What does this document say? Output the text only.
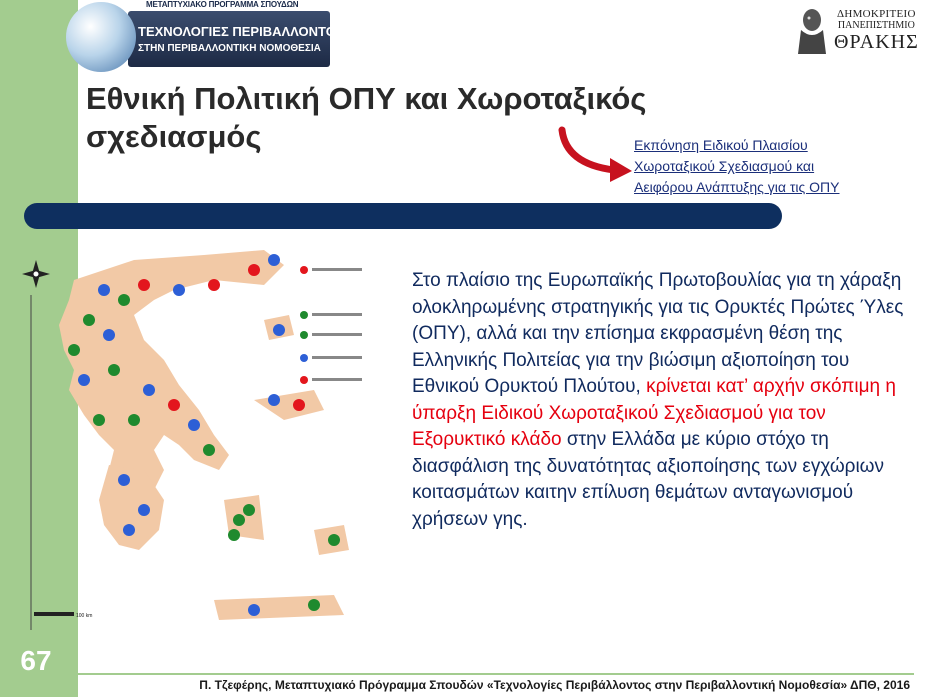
ΜΕΤΑΠΤΥΧΙΑΚΟ ΠΡΟΓΡΑΜΜΑ ΣΠΟΥΔΩΝ
ΤΕΧΝΟΛΟΓΙΕΣ ΠΕΡΙΒΑΛΛΟΝΤΟΣ
ΣΤΗΝ ΠΕΡΙΒΑΛΛΟΝΤΙΚΗ ΝΟΜΟΘΕΣΙΑ
ΔΗΜΟΚΡΙΤΕΙΟ
ΠΑΝΕΠΙΣΤΗΜΙΟ
ΘΡΑΚΗΣ
Εθνική Πολιτική ΟΠΥ και Χωροταξικός
σχεδιασμός	Εκπόνηση Ειδικού Πλαισίου
Χωροταξικού Σχεδιασμού και
Αειφόρου Ανάπτυξης για τις ΟΠΥ
100 km
Στο πλαίσιο της Ευρωπαϊκής Πρωτοβουλίας για τη χάραξη ολοκληρωμένης στρατηγικής για τις Ορυκτές Πρώτες Ύλες (ΟΠΥ), αλλά και την επίσημα εκφρασμένη θέση της Ελληνικής Πολιτείας για την βιώσιμη αξιοποίηση του Εθνικού Ορυκτού Πλούτου, κρίνεται κατ’ αρχήν σκόπιμη η ύπαρξη Ειδικού Χωροταξικού Σχεδιασμού για τον Εξορυκτικό κλάδο στην Ελλάδα με κύριο στόχο τη διασφάλιση της δυνατότητας αξιοποίησης των εγχώριων κοιτασμάτων καιτην επίλυση θεμάτων ανταγωνισμού χρήσεων γης.
67
Π. Τζεφέρης, Μεταπτυχιακό Πρόγραμμα Σπουδών «Τεχνολογίες Περιβάλλοντος στην Περιβαλλοντική Νομοθεσία» ΔΠΘ, 2016
